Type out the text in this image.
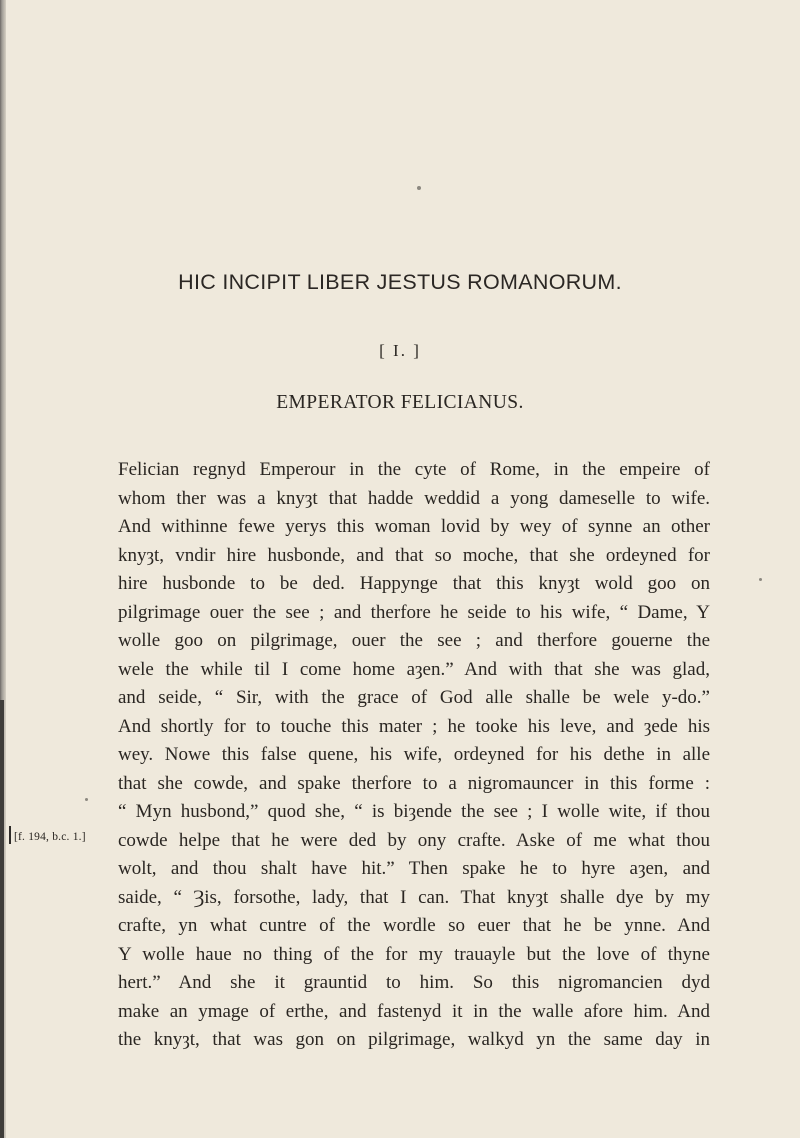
HIC INCIPIT LIBER JESTUS ROMANORUM.
[ I. ]
EMPERATOR FELICIANUS.
[f. 194, b.c. 1.]
Felician regnyd Emperour in the cyte of Rome, in the empeire of
whom ther was a knyȝt that hadde weddid a yong dameselle to wife.
And withinne fewe yerys this woman lovid by wey of synne an other
knyȝt, vndir hire husbonde, and that so moche, that she ordeyned for
hire husbonde to be ded. Happynge that this knyȝt wold goo on
pilgrimage ouer the see ; and therfore he seide to his wife, “ Dame, Y
wolle goo on pilgrimage, ouer the see ; and therfore gouerne the
wele the while til I come home aȝen.” And with that she was glad,
and seide, “ Sir, with the grace of God alle shalle be wele y-do.”
And shortly for to touche this mater ; he tooke his leve, and ȝede his
wey. Nowe this false quene, his wife, ordeyned for his dethe in alle
that she cowde, and spake therfore to a nigromauncer in this forme :
“ Myn husbond,” quod she, “ is biȝende the see ; I wolle wite, if thou
cowde helpe that he were ded by ony crafte. Aske of me what thou
wolt, and thou shalt have hit.” Then spake he to hyre aȝen, and
saide, “ Ȝis, forsothe, lady, that I can. That knyȝt shalle dye by my
crafte, yn what cuntre of the wordle so euer that he be ynne. And
Y wolle haue no thing of the for my trauayle but the love of thyne
hert.” And she it grauntid to him. So this nigromancien dyd
make an ymage of erthe, and fastenyd it in the walle afore him. And
the knyȝt, that was gon on pilgrimage, walkyd yn the same day in
